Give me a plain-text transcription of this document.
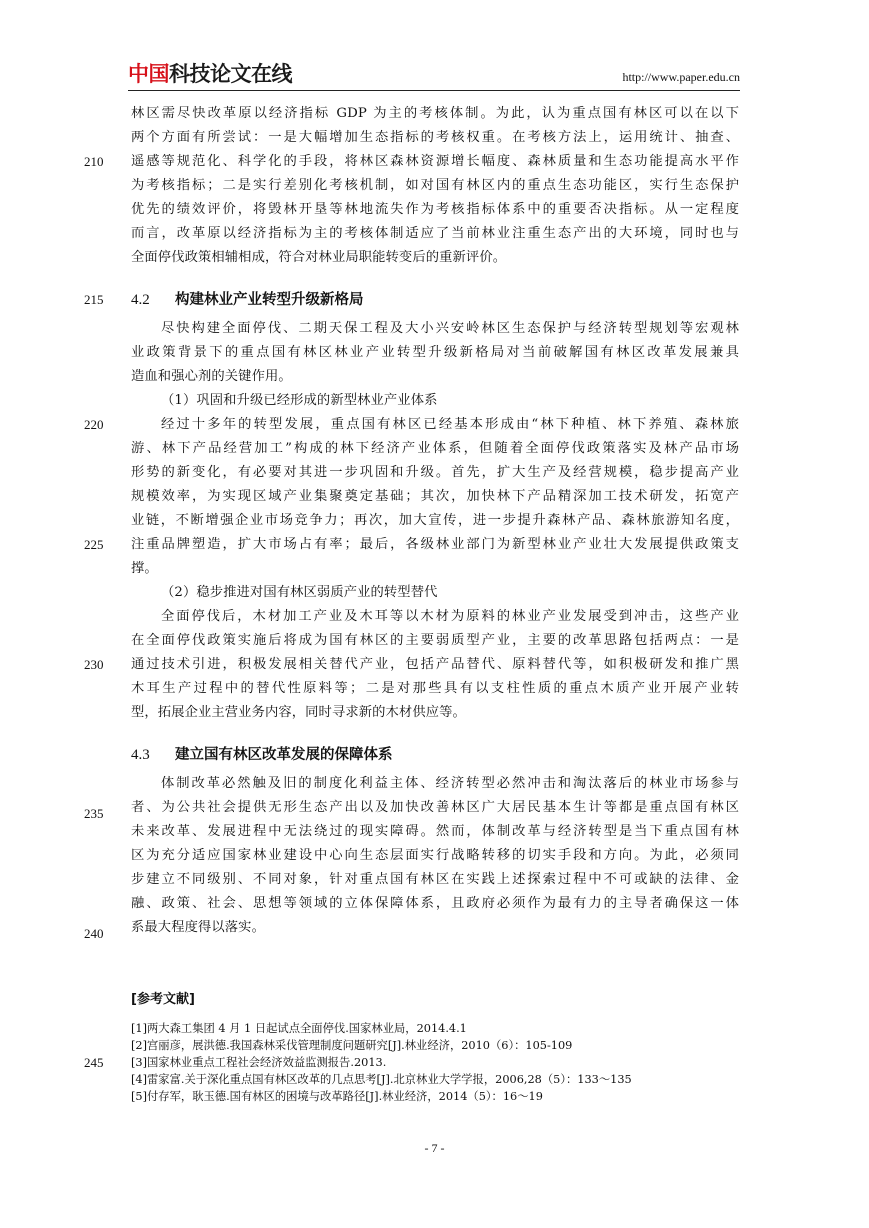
中国科技论文在线	http://www.paper.edu.cn
林区需尽快改革原以经济指标 GDP 为主的考核体制。为此，认为重点国有林区可以在以下
两个方面有所尝试：一是大幅增加生态指标的考核权重。在考核方法上，运用统计、抽查、
遥感等规范化、科学化的手段，将林区森林资源增长幅度、森林质量和生态功能提高水平作
为考核指标；二是实行差别化考核机制，如对国有林区内的重点生态功能区，实行生态保护
优先的绩效评价，将毁林开垦等林地流失作为考核指标体系中的重要否决指标。从一定程度
而言，改革原以经济指标为主的考核体制适应了当前林业注重生态产出的大环境，同时也与
全面停伐政策相辅相成，符合对林业局职能转变后的重新评价。
210
4.2 构建林业产业转型升级新格局
215
尽快构建全面停伐、二期天保工程及大小兴安岭林区生态保护与经济转型规划等宏观林
业政策背景下的重点国有林区林业产业转型升级新格局对当前破解国有林区改革发展兼具
造血和强心剂的关键作用。
（1）巩固和升级已经形成的新型林业产业体系
经过十多年的转型发展，重点国有林区已经基本形成由“林下种植、林下养殖、森林旅
游、林下产品经营加工”构成的林下经济产业体系，但随着全面停伐政策落实及林产品市场
形势的新变化，有必要对其进一步巩固和升级。首先，扩大生产及经营规模，稳步提高产业
规模效率，为实现区域产业集聚奠定基础；其次，加快林下产品精深加工技术研发，拓宽产
业链，不断增强企业市场竞争力；再次，加大宣传，进一步提升森林产品、森林旅游知名度，
注重品牌塑造，扩大市场占有率；最后，各级林业部门为新型林业产业壮大发展提供政策支
撑。
220
225
（2）稳步推进对国有林区弱质产业的转型替代
全面停伐后，木材加工产业及木耳等以木材为原料的林业产业发展受到冲击，这些产业
在全面停伐政策实施后将成为国有林区的主要弱质型产业，主要的改革思路包括两点：一是
通过技术引进，积极发展相关替代产业，包括产品替代、原料替代等，如积极研发和推广黑
木耳生产过程中的替代性原料等；二是对那些具有以支柱性质的重点木质产业开展产业转
型，拓展企业主营业务内容，同时寻求新的木材供应等。
230
4.3 建立国有林区改革发展的保障体系
体制改革必然触及旧的制度化利益主体、经济转型必然冲击和淘汰落后的林业市场参与
者、为公共社会提供无形生态产出以及加快改善林区广大居民基本生计等都是重点国有林区
未来改革、发展进程中无法绕过的现实障碍。然而，体制改革与经济转型是当下重点国有林
区为充分适应国家林业建设中心向生态层面实行战略转移的切实手段和方向。为此，必须同
步建立不同级别、不同对象，针对重点国有林区在实践上述探索过程中不可或缺的法律、金
融、政策、社会、思想等领域的立体保障体系，且政府必须作为最有力的主导者确保这一体
系最大程度得以落实。
235
240
[参考文献]
[1]两大森工集团 4 月 1 日起试点全面停伐.国家林业局，2014.4.1
[2]宫丽彦，展洪德.我国森林采伐管理制度问题研究[J].林业经济，2010（6）：105-109
[3]国家林业重点工程社会经济效益监测报告.2013.
[4]雷家富.关于深化重点国有林区改革的几点思考[J].北京林业大学学报，2006,28（5）：133～135
[5]付存军，耿玉德.国有林区的困境与改革路径[J].林业经济，2014（5）：16～19
245
- 7 -
